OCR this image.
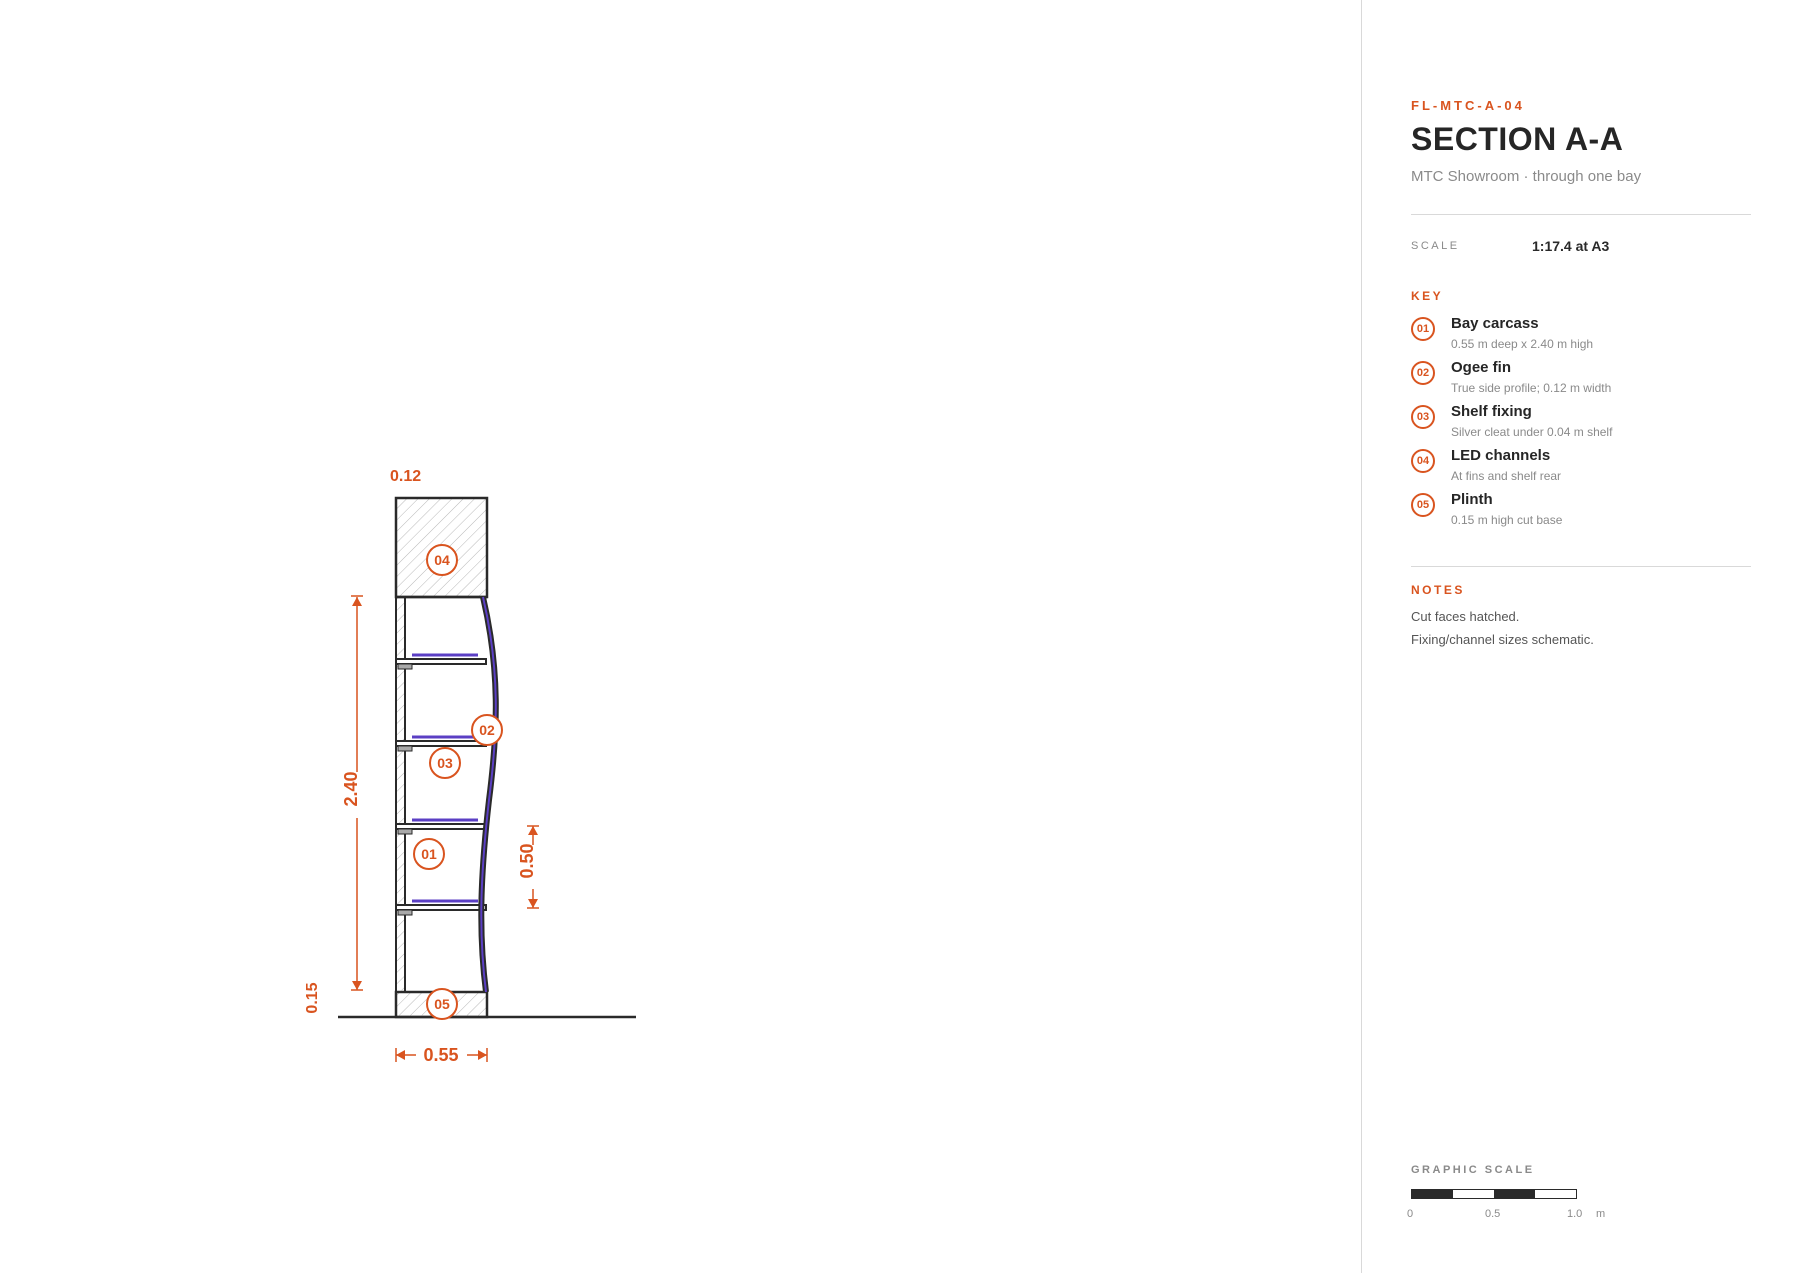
0.12
2.40
0.15
0.50
0.55
04
02
03
01
05
FL-MTC-A-04
SECTION A-A
MTC Showroom · through one bay
SCALE	1:17.4 at A3
KEY
01	Bay carcass
0.55 m deep x 2.40 m high
02	Ogee fin
True side profile; 0.12 m width
03	Shelf fixing
Silver cleat under 0.04 m shelf
04	LED channels
At fins and shelf rear
05	Plinth
0.15 m high cut base
NOTES
Cut faces hatched.
Fixing/channel sizes schematic.
GRAPHIC SCALE
0	0.5	1.0 m
